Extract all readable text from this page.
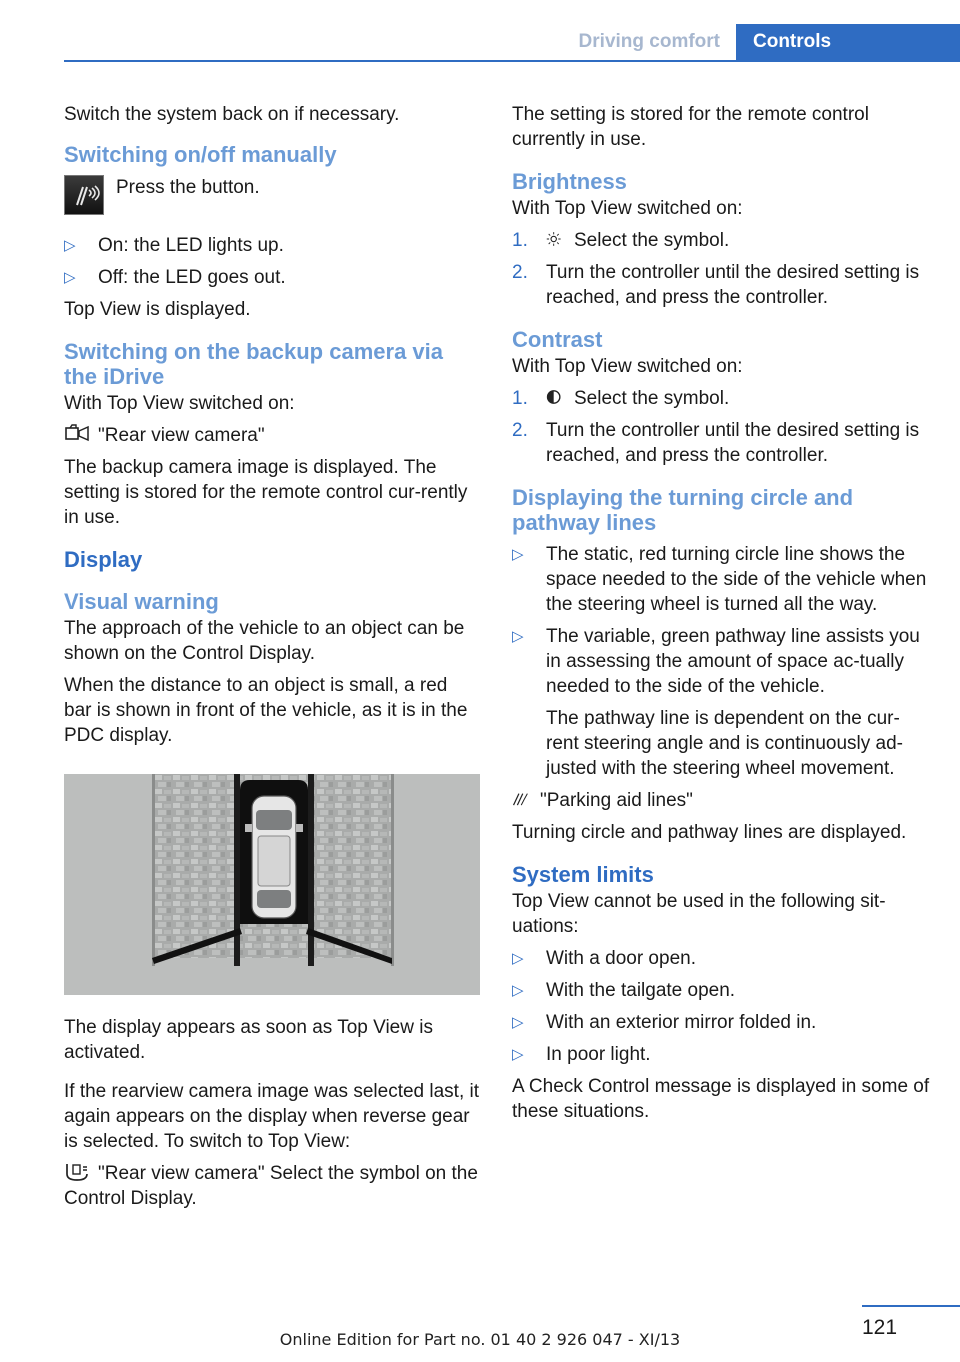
Driving comfort	Controls
Switch the system back on if necessary.
Switching on/off manually
Press the button.
▷ On: the LED lights up.
▷ Off: the LED goes out.
Top View is displayed.
Switching on the backup camera via the iDrive
With Top View switched on:
"Rear view camera"
The backup camera image is displayed. The setting is stored for the remote control cur-rently in use.
Display
Visual warning
The approach of the vehicle to an object can be shown on the Control Display.
When the distance to an object is small, a red bar is shown in front of the vehicle, as it is in the PDC display.
The display appears as soon as Top View is activated.
If the rearview camera image was selected last, it again appears on the display when reverse gear is selected. To switch to Top View:
"Rear view camera" Select the symbol on the Control Display.
The setting is stored for the remote control currently in use.
Brightness
With Top View switched on:
1. Select the symbol.
2. Turn the controller until the desired setting is reached, and press the controller.
Contrast
With Top View switched on:
1. Select the symbol.
2. Turn the controller until the desired setting is reached, and press the controller.
Displaying the turning circle and pathway lines
▷ The static, red turning circle line shows the space needed to the side of the vehicle when the steering wheel is turned all the way.
▷ The variable, green pathway line assists you in assessing the amount of space ac-tually needed to the side of the vehicle.
The pathway line is dependent on the cur-rent steering angle and is continuously ad-justed with the steering wheel movement.
"Parking aid lines"
Turning circle and pathway lines are displayed.
System limits
Top View cannot be used in the following sit-uations:
▷ With a door open.
▷ With the tailgate open.
▷ With an exterior mirror folded in.
▷ In poor light.
A Check Control message is displayed in some of these situations.
121
Online Edition for Part no. 01 40 2 926 047 - XI/13
